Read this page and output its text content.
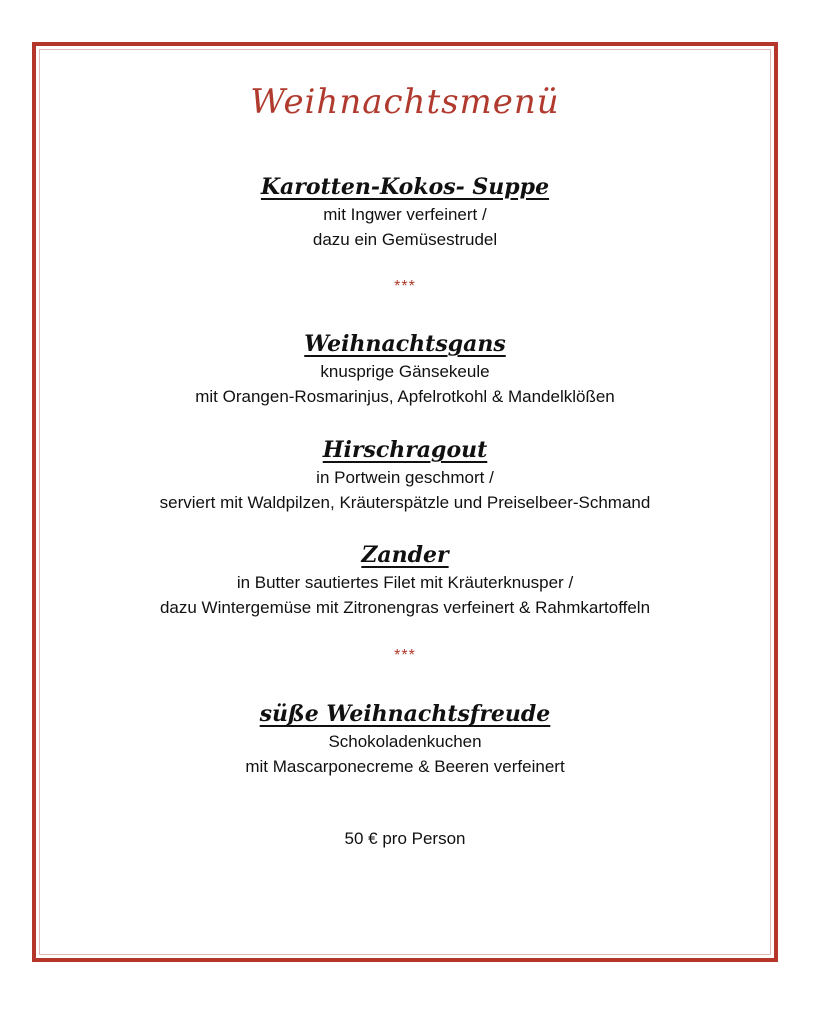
Weihnachtsmenü
Karotten-Kokos- Suppe

mit Ingwer verfeinert /

dazu ein Gemüsestrudel

***
Weihnachtsgans

knusprige Gänsekeule

mit Orangen-Rosmarinjus, Apfelrotkohl & Mandelklößen

Hirschragout

in Portwein geschmort /

serviert mit Waldpilzen, Kräuterspätzle und Preiselbeer-Schmand

Zander

in Butter sautiertes Filet mit Kräuterknusper /

dazu Wintergemüse mit Zitronengras verfeinert & Rahmkartoffeln

***
süße Weihnachtsfreude

Schokoladenkuchen

mit Mascarponecreme & Beeren verfeinert

50 € pro Person
